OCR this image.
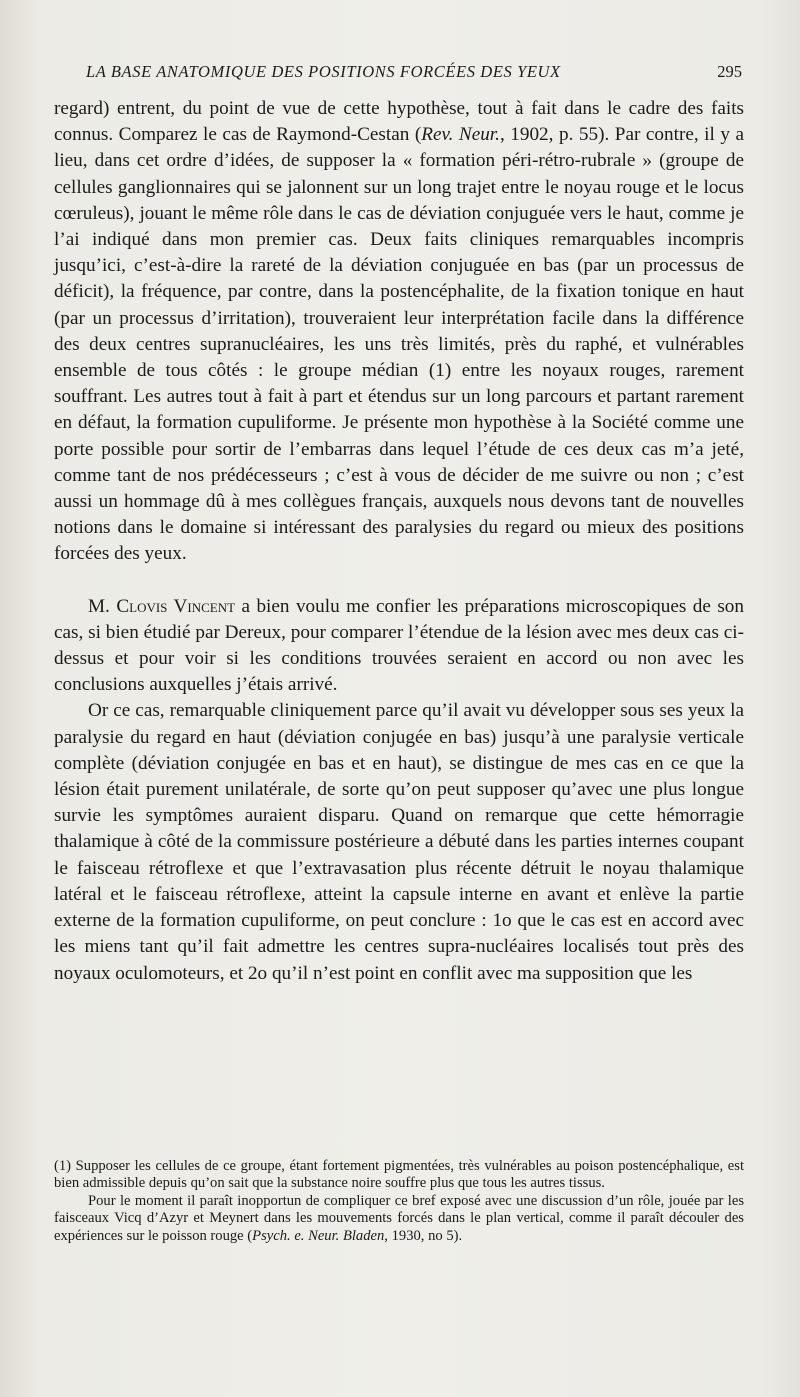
LA BASE ANATOMIQUE DES POSITIONS FORCÉES DES YEUX	295

regard) entrent, du point de vue de cette hypothèse, tout à fait dans le cadre des faits connus. Comparez le cas de Raymond-Cestan (Rev. Neur., 1902, p. 55). Par contre, il y a lieu, dans cet ordre d’idées, de supposer la « formation péri-rétro-rubrale » (groupe de cellules ganglionnaires qui se jalonnent sur un long trajet entre le noyau rouge et le locus cœruleus), jouant le même rôle dans le cas de déviation conjuguée vers le haut, comme je l’ai indiqué dans mon premier cas. Deux faits cliniques remarquables incompris jusqu’ici, c’est-à-dire la rareté de la déviation conjuguée en bas (par un processus de déficit), la fréquence, par contre, dans la postencéphalite, de la fixation tonique en haut (par un processus d’irritation), trouveraient leur interprétation facile dans la différence des deux centres supranucléaires, les uns très limités, près du raphé, et vulnérables ensemble de tous côtés : le groupe médian (1) entre les noyaux rouges, rarement souffrant. Les autres tout à fait à part et étendus sur un long parcours et partant rarement en défaut, la formation cupuliforme. Je présente mon hypothèse à la Société comme une porte possible pour sortir de l’embarras dans lequel l’étude de ces deux cas m’a jeté, comme tant de nos prédécesseurs ; c’est à vous de décider de me suivre ou non ; c’est aussi un hommage dû à mes collègues français, auxquels nous devons tant de nouvelles notions dans le domaine si intéressant des paralysies du regard ou mieux des positions forcées des yeux.

M. Clovis Vincent a bien voulu me confier les préparations microscopiques de son cas, si bien étudié par Dereux, pour comparer l’étendue de la lésion avec mes deux cas ci-dessus et pour voir si les conditions trouvées seraient en accord ou non avec les conclusions auxquelles j’étais arrivé.

Or ce cas, remarquable cliniquement parce qu’il avait vu développer sous ses yeux la paralysie du regard en haut (déviation conjugée en bas) jusqu’à une paralysie verticale complète (déviation conjugée en bas et en haut), se distingue de mes cas en ce que la lésion était purement unilatérale, de sorte qu’on peut supposer qu’avec une plus longue survie les symptômes auraient disparu. Quand on remarque que cette hémorragie thalamique à côté de la commissure postérieure a débuté dans les parties internes coupant le faisceau rétroflexe et que l’extravasation plus récente détruit le noyau thalamique latéral et le faisceau rétroflexe, atteint la capsule interne en avant et enlève la partie externe de la formation cupuliforme, on peut conclure : 1o que le cas est en accord avec les miens tant qu’il fait admettre les centres supra-nucléaires localisés tout près des noyaux oculomoteurs, et 2o qu’il n’est point en conflit avec ma supposition que les

(1) Supposer les cellules de ce groupe, étant fortement pigmentées, très vulnérables au poison postencéphalique, est bien admissible depuis qu’on sait que la substance noire souffre plus que tous les autres tissus.

Pour le moment il paraît inopportun de compliquer ce bref exposé avec une discussion d’un rôle, jouée par les faisceaux Vicq d’Azyr et Meynert dans les mouvements forcés dans le plan vertical, comme il paraît découler des expériences sur le poisson rouge (Psych. e. Neur. Bladen, 1930, no 5).
